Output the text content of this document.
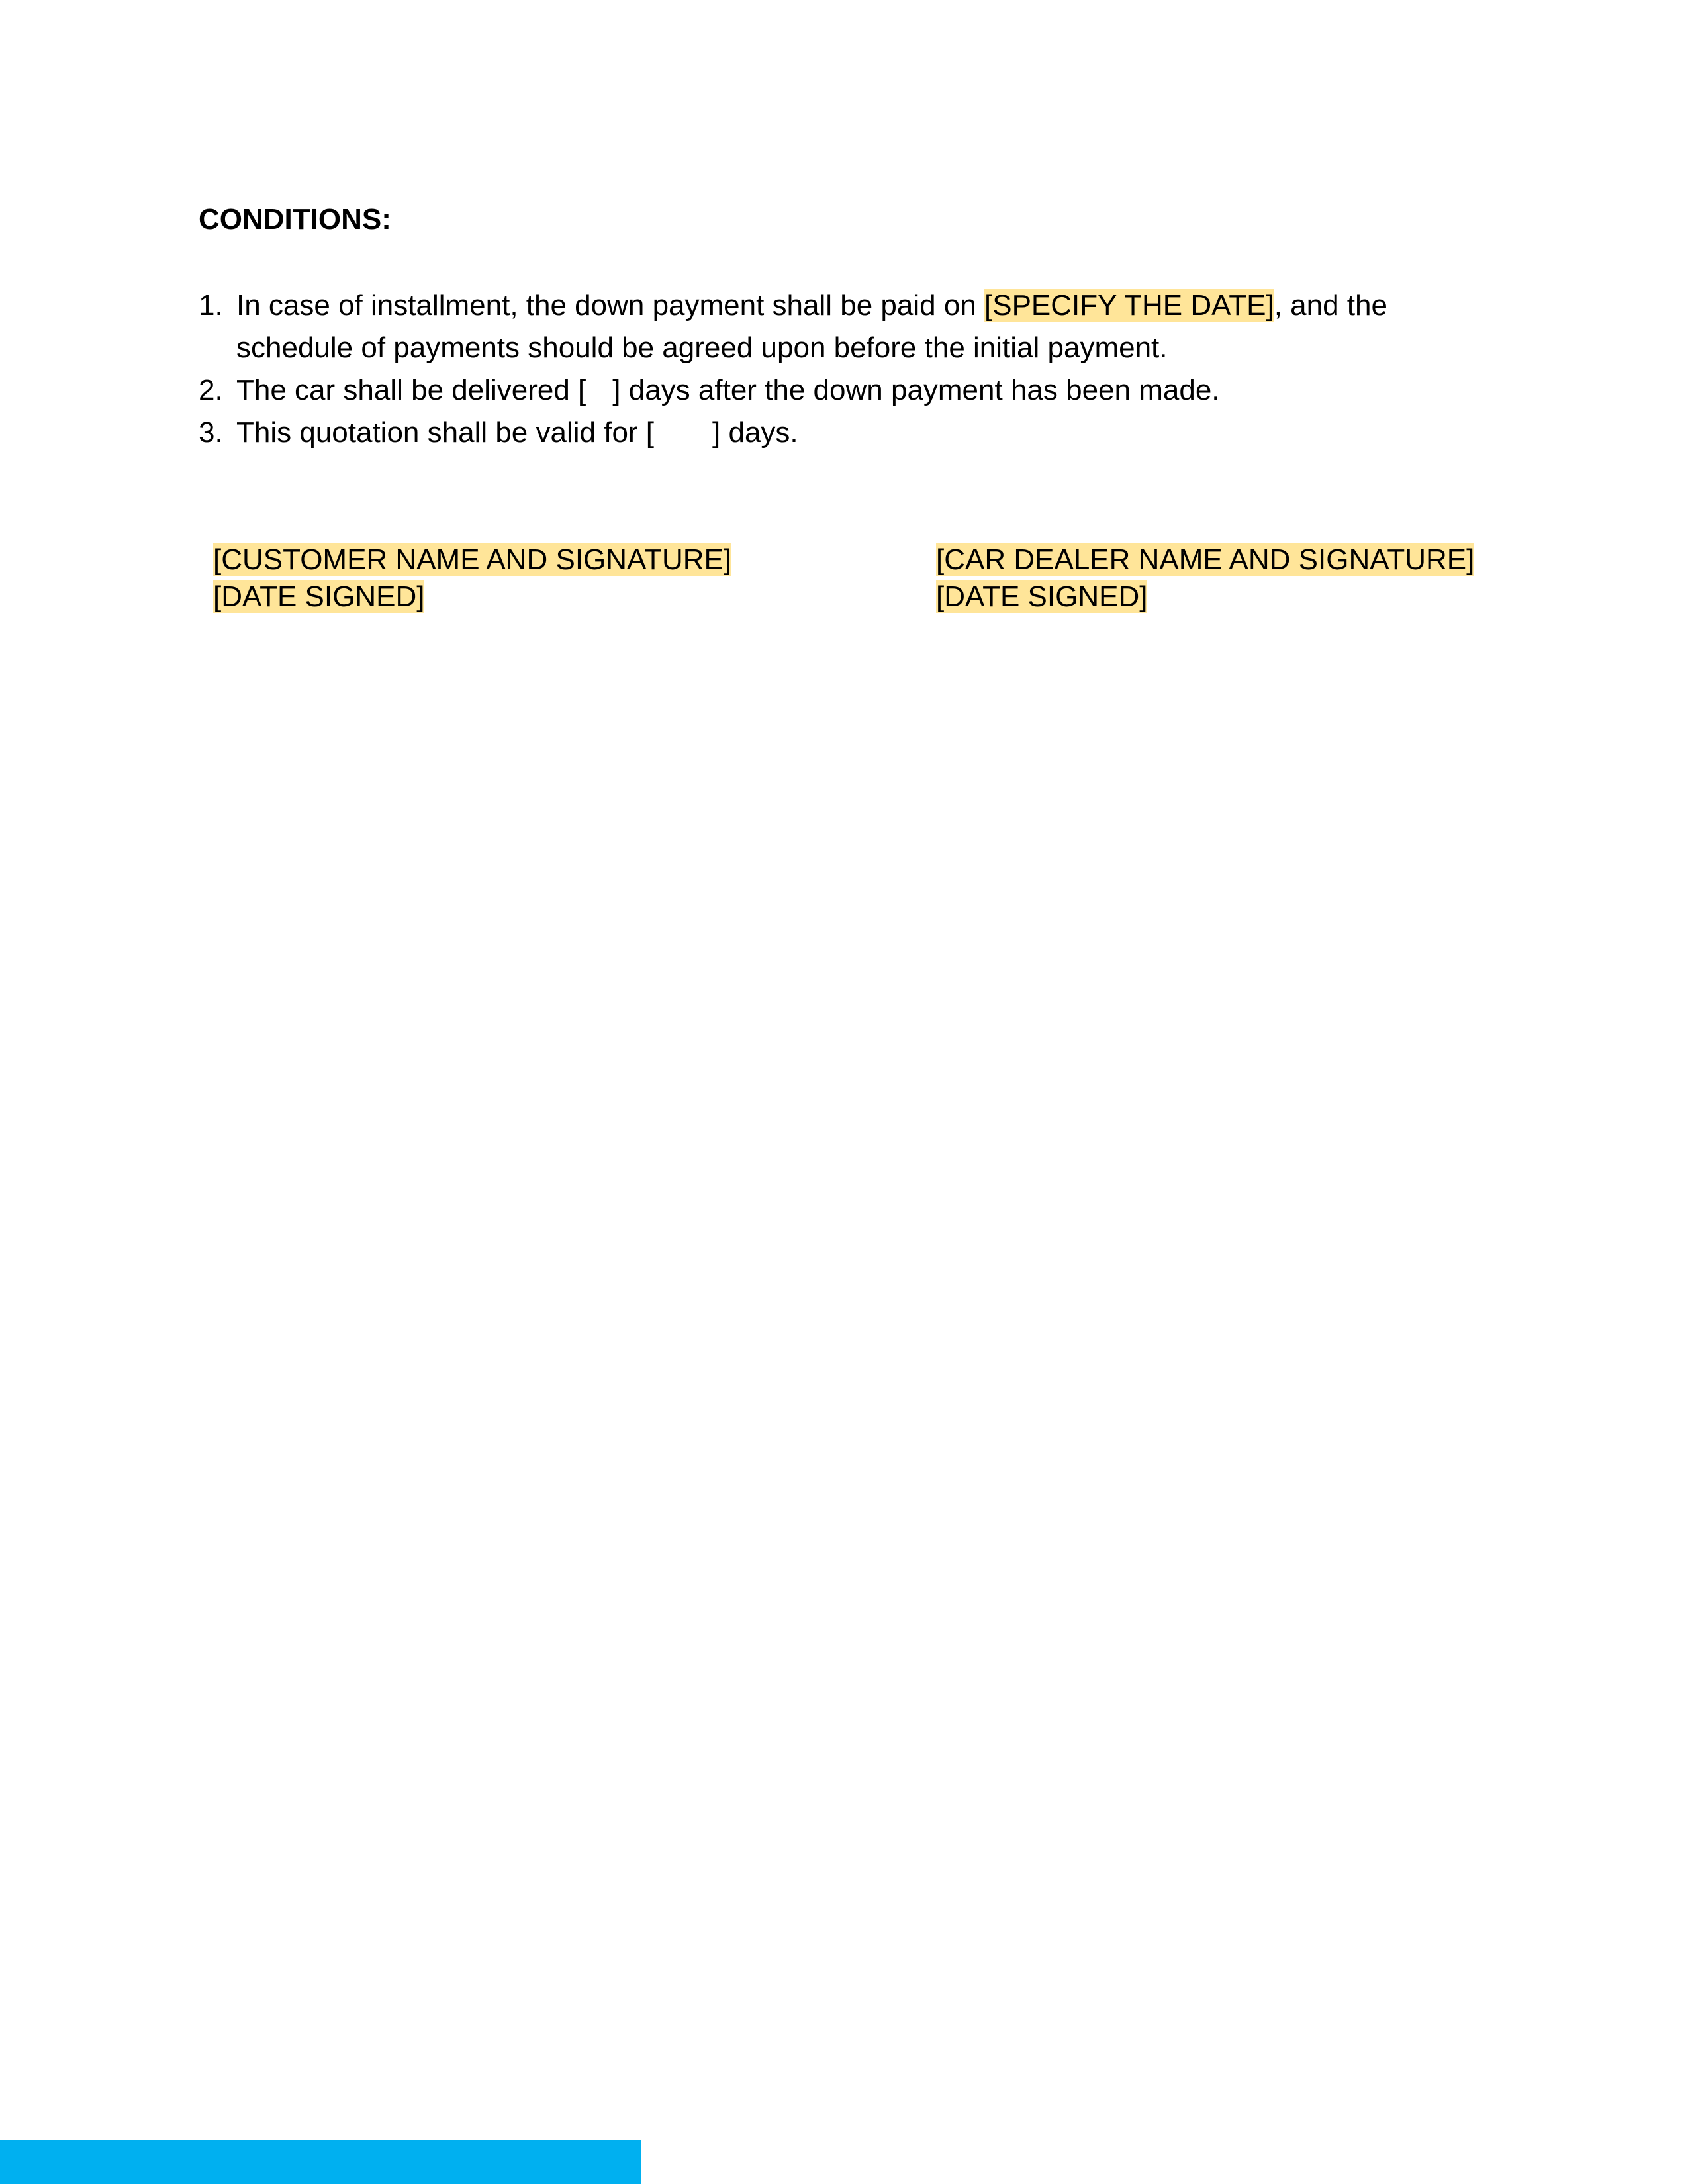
CONDITIONS:
1. In case of installment, the down payment shall be paid on [SPECIFY THE DATE], and the schedule of payments should be agreed upon before the initial payment.
2. The car shall be delivered [ ] days after the down payment has been made.
3. This quotation shall be valid for [ ] days.
[CUSTOMER NAME AND SIGNATURE]
[DATE SIGNED]
[CAR DEALER NAME AND SIGNATURE]
[DATE SIGNED]
